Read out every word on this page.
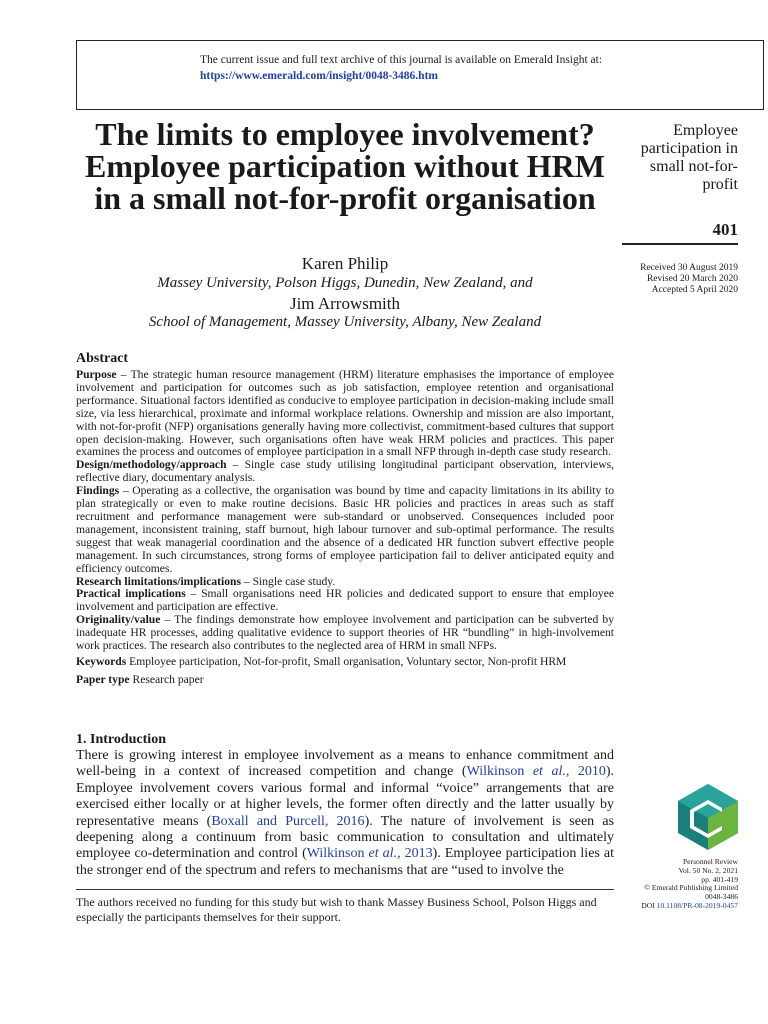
The current issue and full text archive of this journal is available on Emerald Insight at:
https://www.emerald.com/insight/0048-3486.htm
The limits to employee involvement? Employee participation without HRM in a small not-for-profit organisation
Karen Philip
Massey University, Polson Higgs, Dunedin, New Zealand, and
Jim Arrowsmith
School of Management, Massey University, Albany, New Zealand
Employee participation in small not-for-profit
401
Received 30 August 2019
Revised 20 March 2020
Accepted 5 April 2020
Abstract

Purpose – The strategic human resource management (HRM) literature emphasises the importance of employee involvement and participation for outcomes such as job satisfaction, employee retention and organisational performance. Situational factors identified as conducive to employee participation in decision-making include small size, via less hierarchical, proximate and informal workplace relations. Ownership and mission are also important, with not-for-profit (NFP) organisations generally having more collectivist, commitment-based cultures that support open decision-making. However, such organisations often have weak HRM policies and practices. This paper examines the process and outcomes of employee participation in a small NFP through in-depth case study research.

Design/methodology/approach – Single case study utilising longitudinal participant observation, interviews, reflective diary, documentary analysis.

Findings – Operating as a collective, the organisation was bound by time and capacity limitations in its ability to plan strategically or even to make routine decisions. Basic HR policies and practices in areas such as staff recruitment and performance management were sub-standard or unobserved. Consequences included poor management, inconsistent training, staff burnout, high labour turnover and sub-optimal performance. The results suggest that weak managerial coordination and the absence of a dedicated HR function subvert effective people management. In such circumstances, strong forms of employee participation fail to deliver anticipated equity and efficiency outcomes.

Research limitations/implications – Single case study.

Practical implications – Small organisations need HR policies and dedicated support to ensure that employee involvement and participation are effective.

Originality/value – The findings demonstrate how employee involvement and participation can be subverted by inadequate HR processes, adding qualitative evidence to support theories of HR “bundling” in high-involvement work practices. The research also contributes to the neglected area of HRM in small NFPs.

Keywords Employee participation, Not-for-profit, Small organisation, Voluntary sector, Non-profit HRM

Paper type Research paper

1. Introduction
There is growing interest in employee involvement as a means to enhance commitment and well-being in a context of increased competition and change (Wilkinson et al., 2010). Employee involvement covers various formal and informal “voice” arrangements that are exercised either locally or at higher levels, the former often directly and the latter usually by representative means (Boxall and Purcell, 2016). The nature of involvement is seen as deepening along a continuum from basic communication to consultation and ultimately employee co-determination and control (Wilkinson et al., 2013). Employee participation lies at the stronger end of the spectrum and refers to mechanisms that are “used to involve the
The authors received no funding for this study but wish to thank Massey Business School, Polson Higgs and especially the participants themselves for their support.
Personnel Review
Vol. 50 No. 2, 2021
pp. 401-419
© Emerald Publishing Limited
0048-3486
DOI 10.1108/PR-08-2019-0457
